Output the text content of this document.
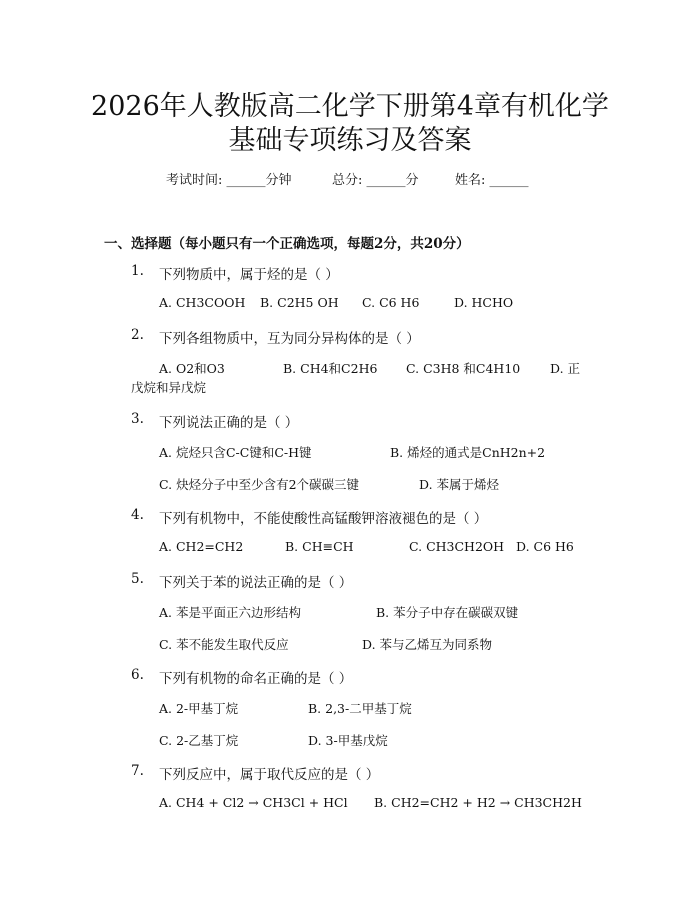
2026年人教版高二化学下册第4章有机化学
基础专项练习及答案
考试时间: ______分钟	总分: ______分	姓名: ______
一、选择题（每小题只有一个正确选项，每题2分，共20分）
1. 下列物质中，属于烃的是（ ）
A. CH3COOH B. C2H5 OH C. C6 H6	D. HCHO
2. 下列各组物质中，互为同分异构体的是（ ）
A. O2和O3	B. CH4和C2H6 C. C3H8 和C4H10 D. 正
戊烷和异戊烷
3. 下列说法正确的是（ ）
A. 烷烃只含C-C键和C-H键	B. 烯烃的通式是CnH2n+2
C. 炔烃分子中至少含有2个碳碳三键	D. 苯属于烯烃
4. 下列有机物中，不能使酸性高锰酸钾溶液褪色的是（ ）
A. CH2=CH2	B. CH≡CH	C. CH3CH2OH D. C6 H6
5. 下列关于苯的说法正确的是（ ）
A. 苯是平面正六边形结构	B. 苯分子中存在碳碳双键
C. 苯不能发生取代反应	D. 苯与乙烯互为同系物
6. 下列有机物的命名正确的是（ ）
A. 2-甲基丁烷	B. 2,3-二甲基丁烷
C. 2-乙基丁烷	D. 3-甲基戊烷
7. 下列反应中，属于取代反应的是（ ）
A. CH4 + Cl2 → CH3Cl + HCl B. CH2=CH2 + H2 → CH3CH2H
